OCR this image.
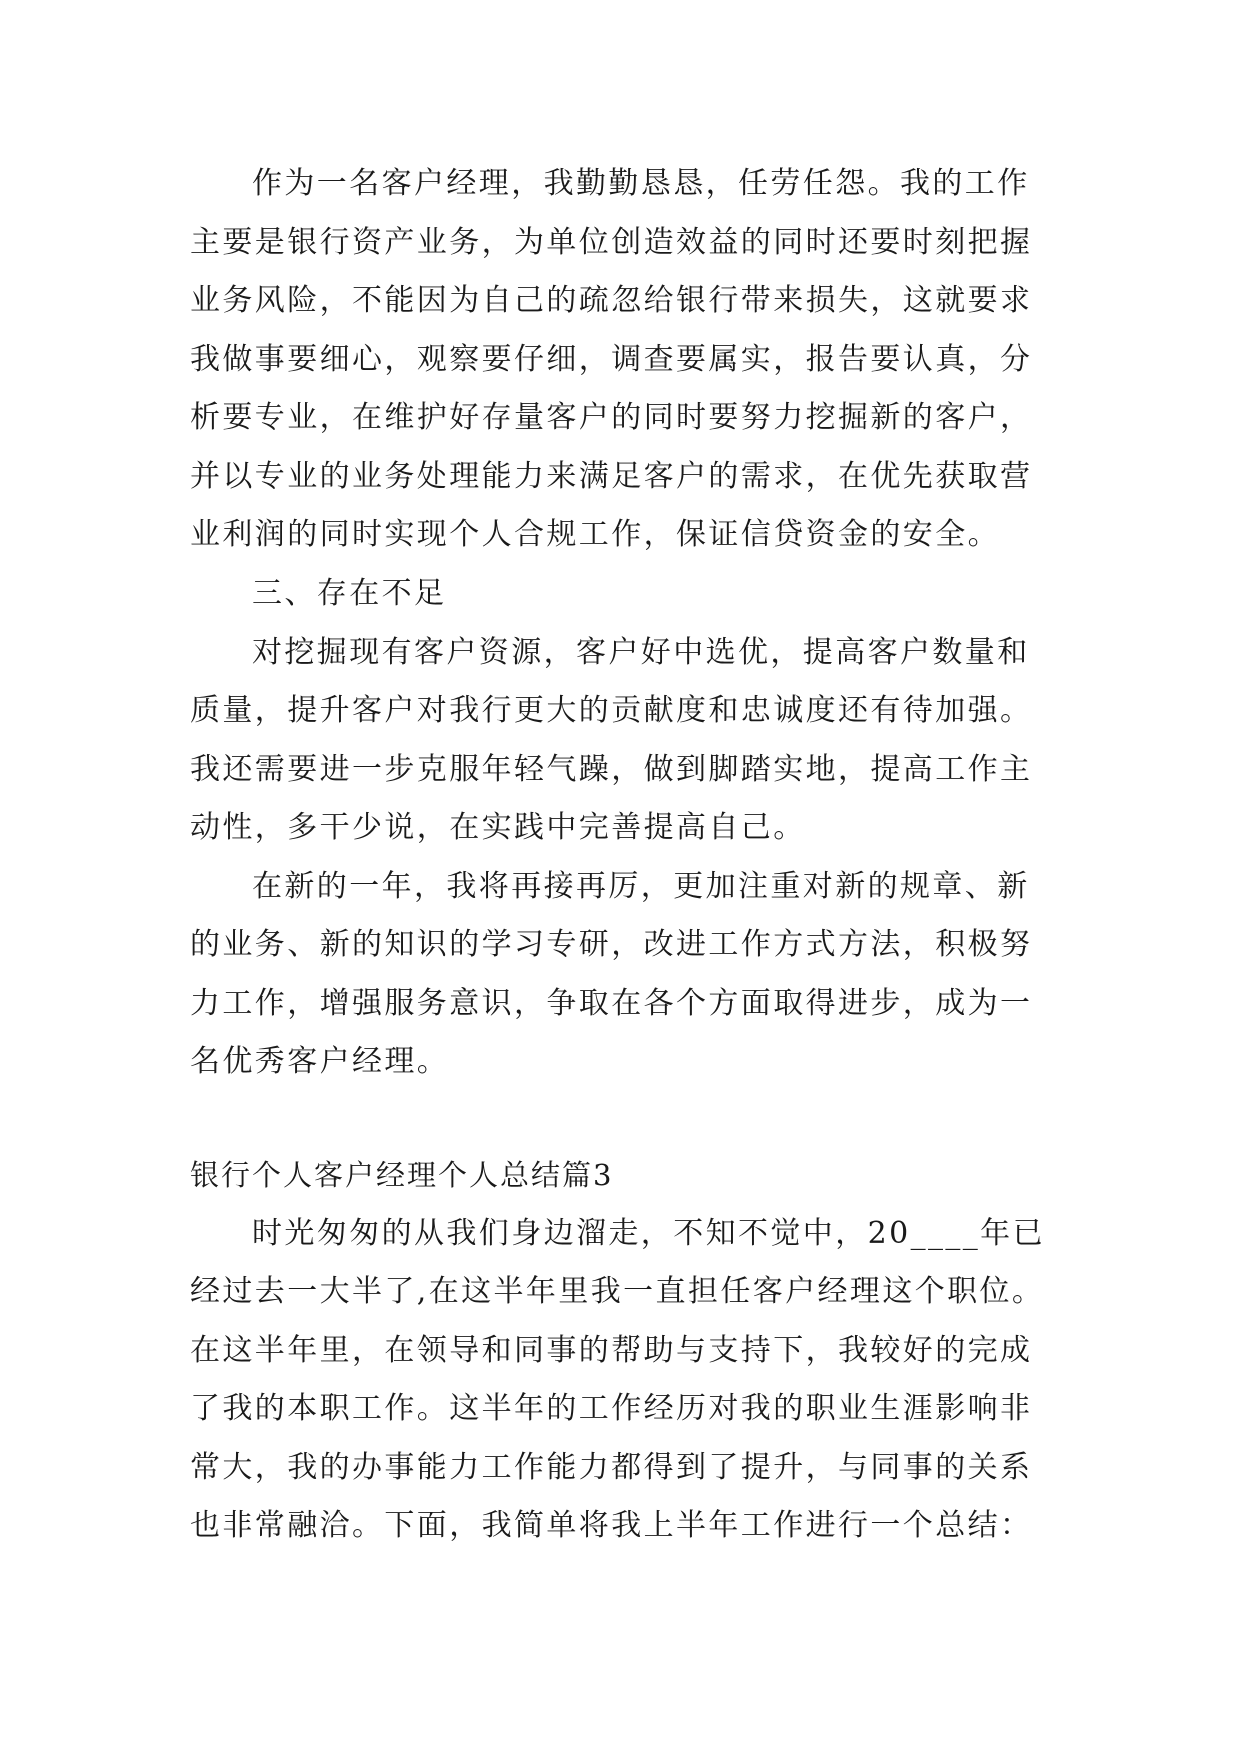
作为一名客户经理，我勤勤恳恳，任劳任怨。我的工作
主要是银行资产业务，为单位创造效益的同时还要时刻把握
业务风险，不能因为自己的疏忽给银行带来损失，这就要求
我做事要细心，观察要仔细，调查要属实，报告要认真，分
析要专业，在维护好存量客户的同时要努力挖掘新的客户，
并以专业的业务处理能力来满足客户的需求，在优先获取营
业利润的同时实现个人合规工作，保证信贷资金的安全。
三、存在不足
对挖掘现有客户资源，客户好中选优，提高客户数量和
质量，提升客户对我行更大的贡献度和忠诚度还有待加强。
我还需要进一步克服年轻气躁，做到脚踏实地，提高工作主
动性，多干少说，在实践中完善提高自己。
在新的一年，我将再接再厉，更加注重对新的规章、新
的业务、新的知识的学习专研，改进工作方式方法，积极努
力工作，增强服务意识，争取在各个方面取得进步，成为一
名优秀客户经理。
银行个人客户经理个人总结篇3
时光匆匆的从我们身边溜走，不知不觉中，20____年已
经过去一大半了,在这半年里我一直担任客户经理这个职位。
在这半年里，在领导和同事的帮助与支持下，我较好的完成
了我的本职工作。这半年的工作经历对我的职业生涯影响非
常大，我的办事能力工作能力都得到了提升，与同事的关系
也非常融洽。下面，我简单将我上半年工作进行一个总结：
